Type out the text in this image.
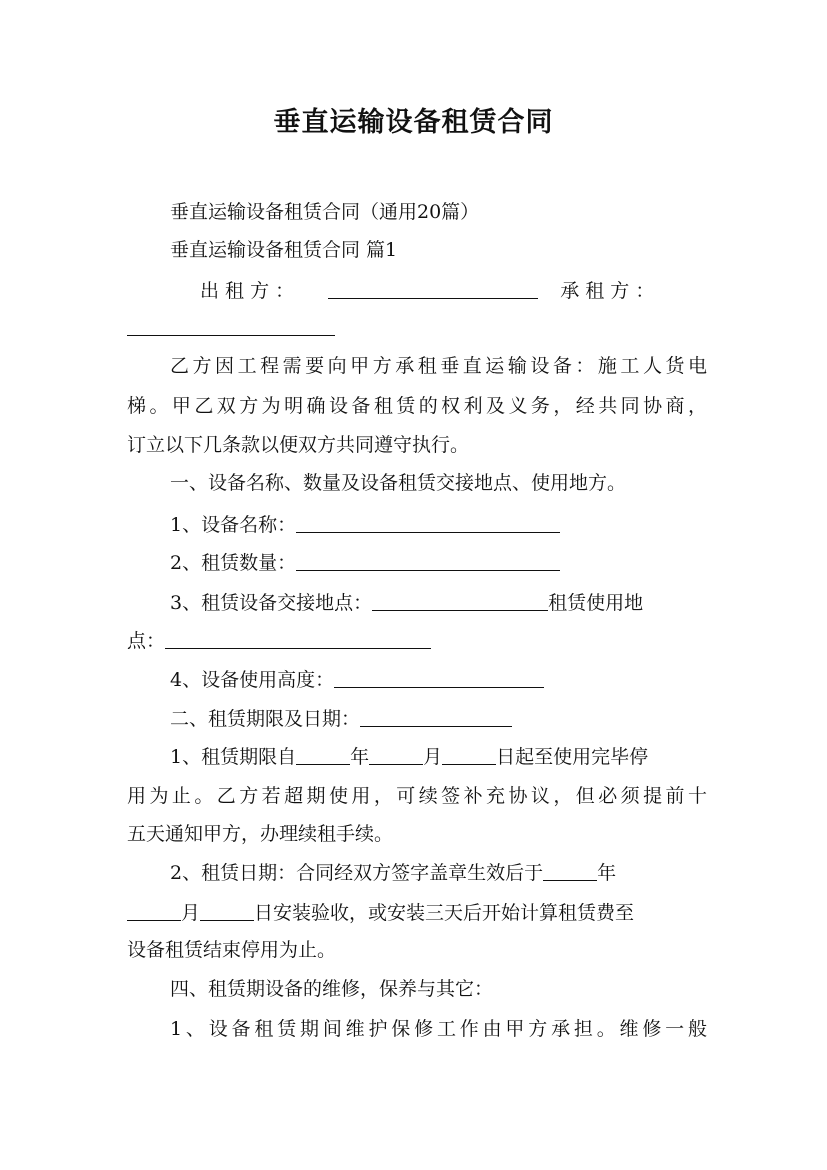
垂直运输设备租赁合同
垂直运输设备租赁合同（通用20篇）
垂直运输设备租赁合同 篇1
出 租 方 ：	承 租 方 ：
乙方因工程需要向甲方承租垂直运输设备：施工人货电
梯。甲乙双方为明确设备租赁的权利及义务，经共同协商，
订立以下几条款以便双方共同遵守执行。
一、设备名称、数量及设备租赁交接地点、使用地方。
1、设备名称：
2、租赁数量：
3、租赁设备交接地点：	租赁使用地
点：
4、设备使用高度：
二、租赁期限及日期：
1、租赁期限自	年	月	日起至使用完毕停
用为止。乙方若超期使用，可续签补充协议，但必须提前十
五天通知甲方，办理续租手续。
2、租赁日期：合同经双方签字盖章生效后于	年
月	日安装验收，或安装三天后开始计算租赁费至
设备租赁结束停用为止。
四、租赁期设备的维修，保养与其它：
1、设备租赁期间维护保修工作由甲方承担。维修一般
